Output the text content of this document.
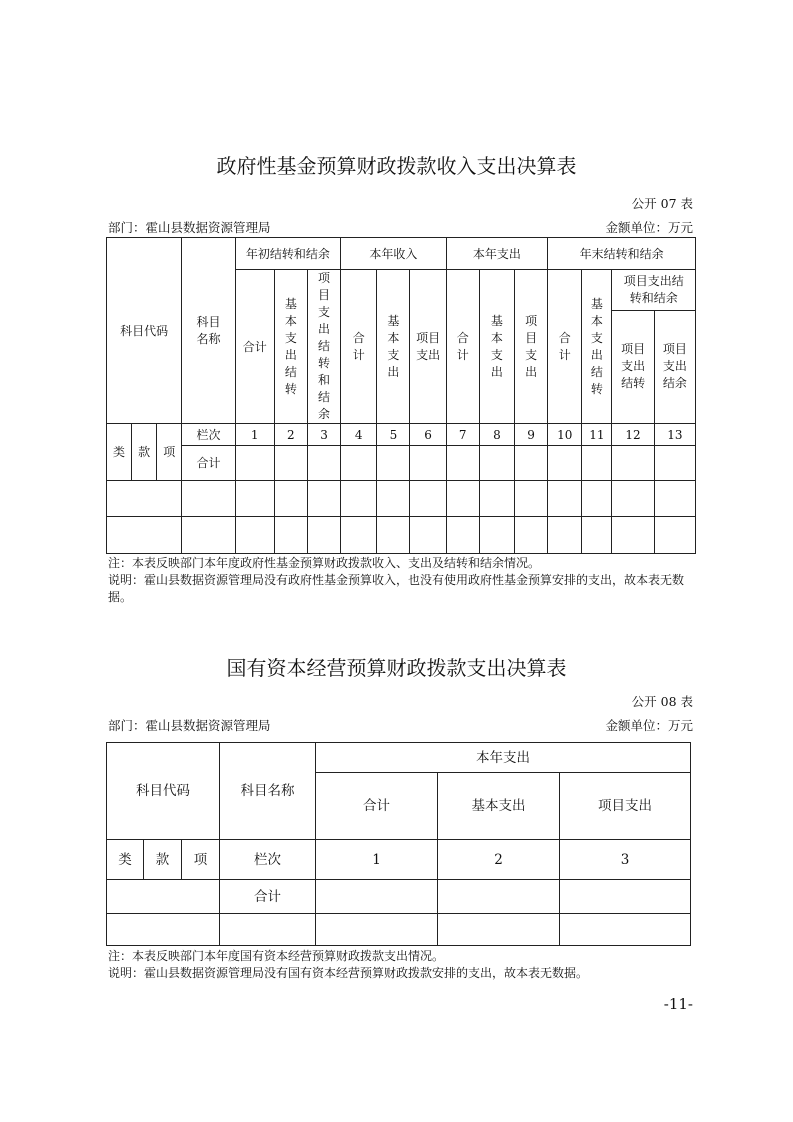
政府性基金预算财政拨款收入支出决算表
公开 07 表
部门：霍山县数据资源管理局	金额单位：万元
科目代码			科目名称	年初结转和结余			本年收入			本年支出			年末结转和结余			
				合计	基本支出结转	项目支出结转和结余	合计	基本支出	项目支出	合计	基本支出	项目支出	合计	基本支出结转	项目支出结转和结余	
															项目支出结转	项目支出结余
类	款	项	栏次	1	2	3	4	5	6	7	8	9	10	11	12	13
			合计													

注：本表反映部门本年度政府性基金预算财政拨款收入、支出及结转和结余情况。
说明：霍山县数据资源管理局没有政府性基金预算收入，也没有使用政府性基金预算安排的支出，故本表无数据。
国有资本经营预算财政拨款支出决算表
公开 08 表
部门：霍山县数据资源管理局	金额单位：万元
科目代码			科目名称	本年支出		
				合计	基本支出	项目支出
类	款	项	栏次	1	2	3
			合计			

注：本表反映部门本年度国有资本经营预算财政拨款支出情况。
说明：霍山县数据资源管理局没有国有资本经营预算财政拨款安排的支出，故本表无数据。
-11-
